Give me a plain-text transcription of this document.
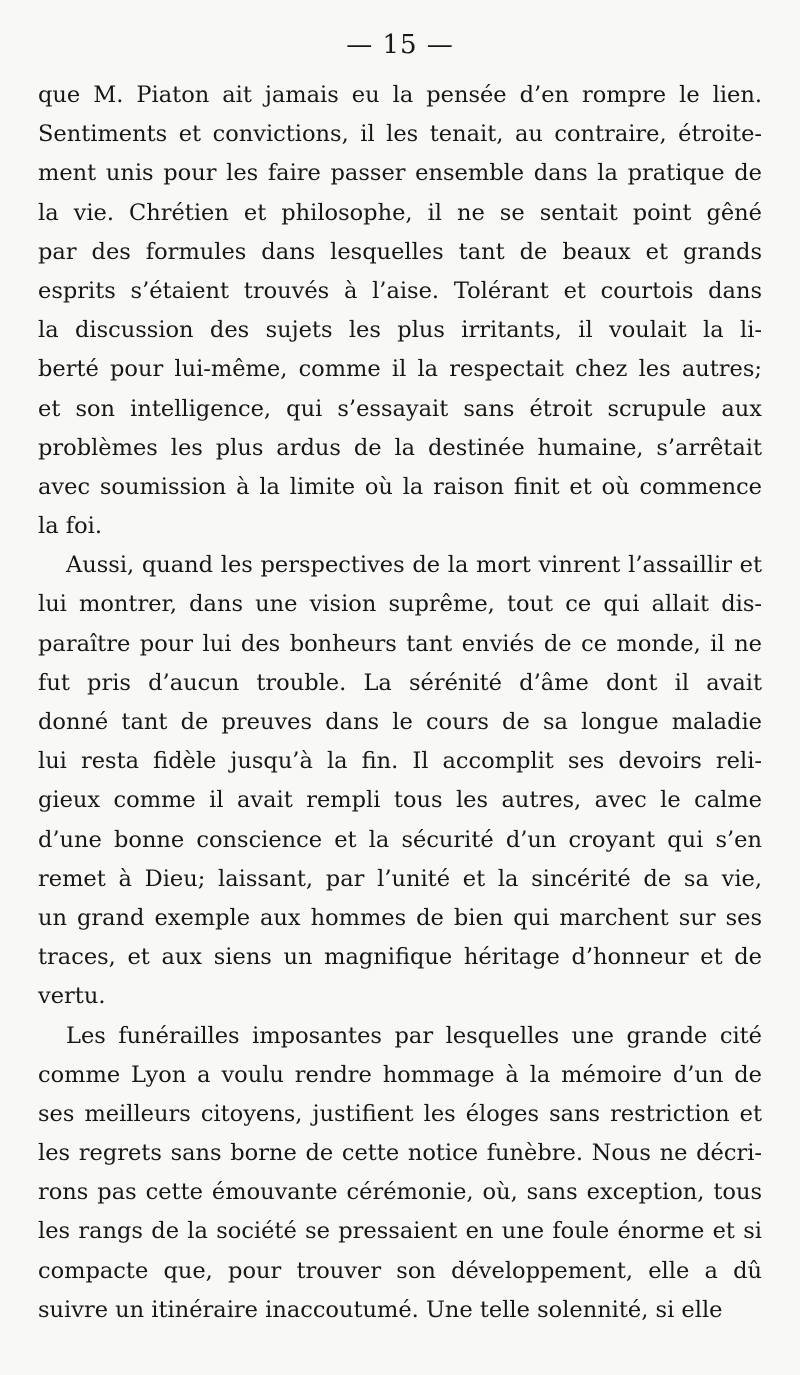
— 15 —
que M. Piaton ait jamais eu la pensée d’en rompre le lien.
Sentiments et convictions, il les tenait, au contraire, étroite-
ment unis pour les faire passer ensemble dans la pratique de
la vie. Chrétien et philosophe, il ne se sentait point gêné
par des formules dans lesquelles tant de beaux et grands
esprits s’étaient trouvés à l’aise. Tolérant et courtois dans
la discussion des sujets les plus irritants, il voulait la li-
berté pour lui-même, comme il la respectait chez les autres;
et son intelligence, qui s’essayait sans étroit scrupule aux
problèmes les plus ardus de la destinée humaine, s’arrêtait
avec soumission à la limite où la raison finit et où commence
la foi.
Aussi, quand les perspectives de la mort vinrent l’assaillir et
lui montrer, dans une vision suprême, tout ce qui allait dis-
paraître pour lui des bonheurs tant enviés de ce monde, il ne
fut pris d’aucun trouble. La sérénité d’âme dont il avait
donné tant de preuves dans le cours de sa longue maladie
lui resta fidèle jusqu’à la fin. Il accomplit ses devoirs reli-
gieux comme il avait rempli tous les autres, avec le calme
d’une bonne conscience et la sécurité d’un croyant qui s’en
remet à Dieu; laissant, par l’unité et la sincérité de sa vie,
un grand exemple aux hommes de bien qui marchent sur ses
traces, et aux siens un magnifique héritage d’honneur et de
vertu.
Les funérailles imposantes par lesquelles une grande cité
comme Lyon a voulu rendre hommage à la mémoire d’un de
ses meilleurs citoyens, justifient les éloges sans restriction et
les regrets sans borne de cette notice funèbre. Nous ne décri-
rons pas cette émouvante cérémonie, où, sans exception, tous
les rangs de la société se pressaient en une foule énorme et si
compacte que, pour trouver son développement, elle a dû
suivre un itinéraire inaccoutumé. Une telle solennité, si elle
